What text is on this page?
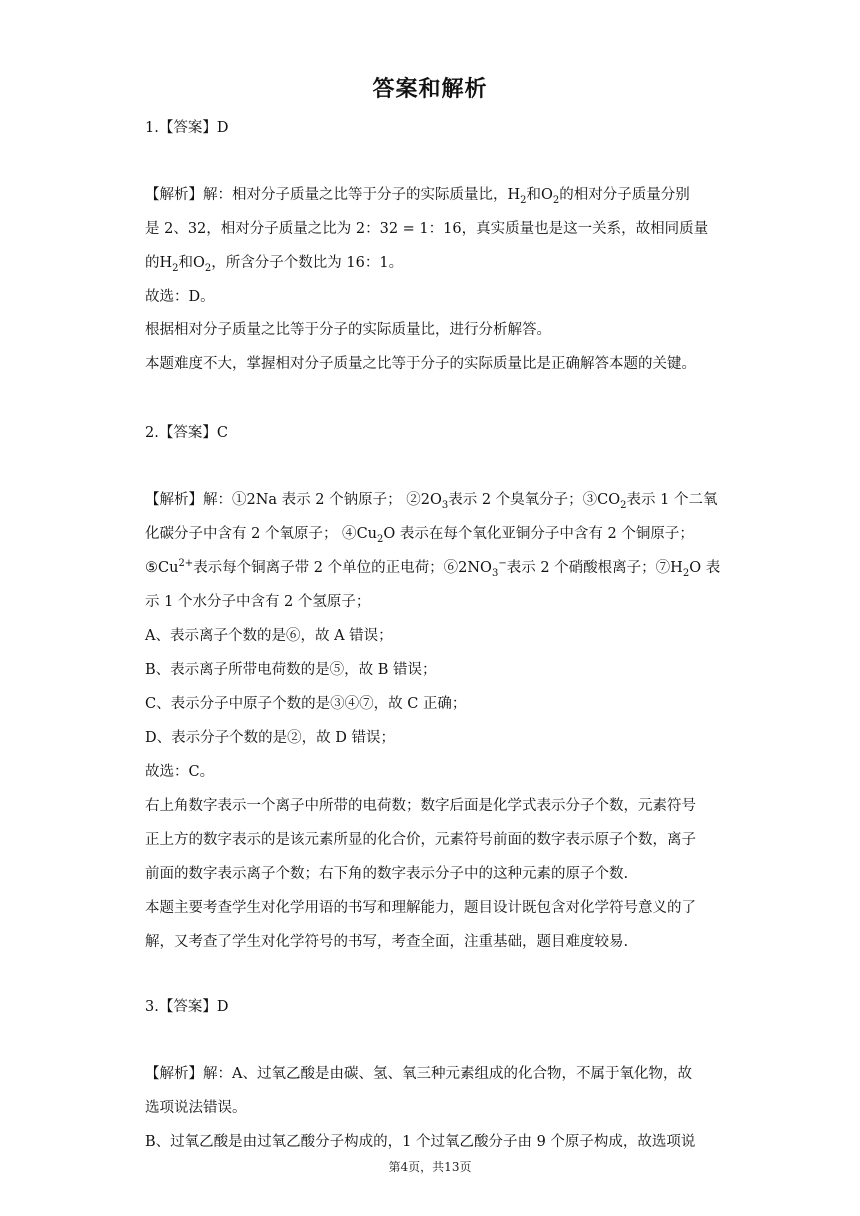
答案和解析
1.【答案】D
【解析】解：相对分子质量之比等于分子的实际质量比，$H_2$和$O_2$的相对分子质量分别
是 2、32，相对分子质量之比为 2：32 = 1：16，真实质量也是这一关系，故相同质量
的$H_2$和$O_2$，所含分子个数比为 16：1。
故选：D。
根据相对分子质量之比等于分子的实际质量比，进行分析解答。
本题难度不大，掌握相对分子质量之比等于分子的实际质量比是正确解答本题的关键。
2.【答案】C
【解析】解：①2Na 表示 2 个钠原子； $②2O_3$表示 2 个臭氧分子；$③CO_2$表示 1 个二氧
化碳分子中含有 2 个氧原子； $④Cu_2O$ 表示在每个氧化亚铜分子中含有 2 个铜原子；
$⑤Cu^{2+}$表示每个铜离子带 2 个单位的正电荷；$⑥2NO_3^-$表示 2 个硝酸根离子；$⑦H_2O$ 表
示 1 个水分子中含有 2 个氢原子；
A、表示离子个数的是⑥，故 A 错误；
B、表示离子所带电荷数的是⑤，故 B 错误；
C、表示分子中原子个数的是③④⑦，故 C 正确；
D、表示分子个数的是②，故 D 错误；
故选：C。
右上角数字表示一个离子中所带的电荷数；数字后面是化学式表示分子个数，元素符号
正上方的数字表示的是该元素所显的化合价，元素符号前面的数字表示原子个数，离子
前面的数字表示离子个数；右下角的数字表示分子中的这种元素的原子个数.
本题主要考查学生对化学用语的书写和理解能力，题目设计既包含对化学符号意义的了
解，又考查了学生对化学符号的书写，考查全面，注重基础，题目难度较易.
3.【答案】D
【解析】解：A、过氧乙酸是由碳、氢、氧三种元素组成的化合物，不属于氧化物，故
选项说法错误。
B、过氧乙酸是由过氧乙酸分子构成的，1 个过氧乙酸分子由 9 个原子构成，故选项说
第4页，共13页
